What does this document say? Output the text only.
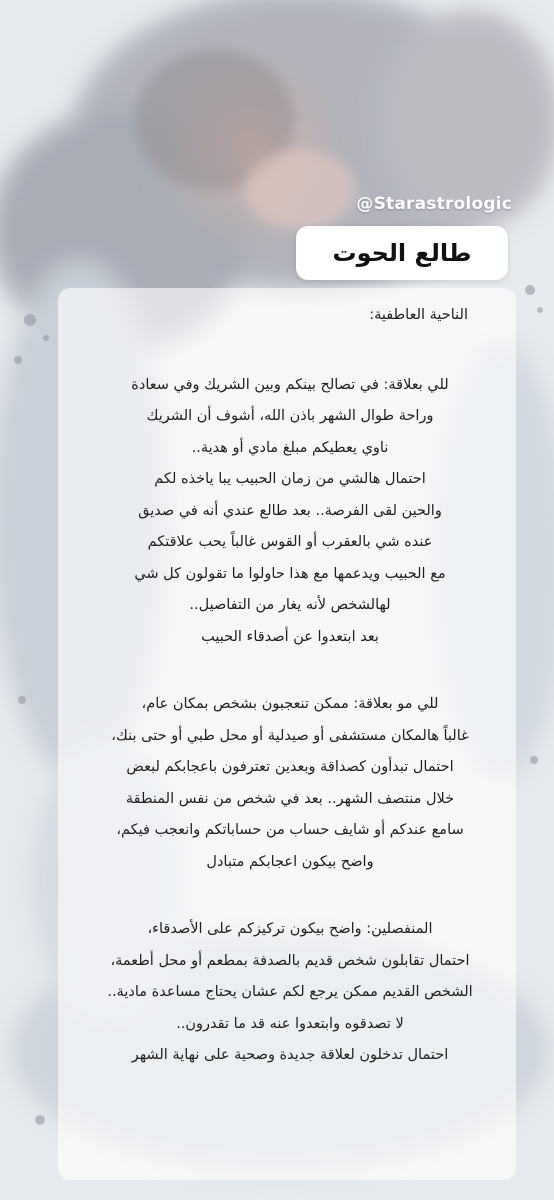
@Starastrologic
طالع الحوت

الناحية العاطفية:

للي بعلاقة: في تصالح بينكم وبين الشريك وفي سعادة

وراحة طوال الشهر باذن الله، أشوف أن الشريك

ناوي يعطيكم مبلغ مادي أو هدية..

احتمال هالشي من زمان الحبيب يبا ياخذه لكم

والحين لقى الفرصة.. بعد طالع عندي أنه في صديق

عنده شي بالعقرب أو القوس غالباً يحب علاقتكم

مع الحبيب ويدعمها مع هذا حاولوا ما تقولون كل شي

لهالشخص لأنه يغار من التفاصيل..

بعد ابتعدوا عن أصدقاء الحبيب

للي مو بعلاقة: ممكن تنعجبون بشخص بمكان عام،

غالباً هالمكان مستشفى أو صيدلية أو محل طبي أو حتى بنك،

احتمال تبدأون كصداقة وبعدين تعترفون باعجابكم لبعض

خلال منتصف الشهر.. بعد في شخص من نفس المنطقة

سامع عندكم أو شايف حساب من حساباتكم وانعجب فيكم،

واضح بيكون اعجابكم متبادل

المنفصلين: واضح بيكون تركيزكم على الأصدقاء،

احتمال تقابلون شخص قديم بالصدفة بمطعم أو محل أطعمة،

الشخص القديم ممكن يرجع لكم عشان يحتاج مساعدة مادية..

لا تصدقوه وابتعدوا عنه قد ما تقدرون..

احتمال تدخلون لعلاقة جديدة وصحية على نهاية الشهر
